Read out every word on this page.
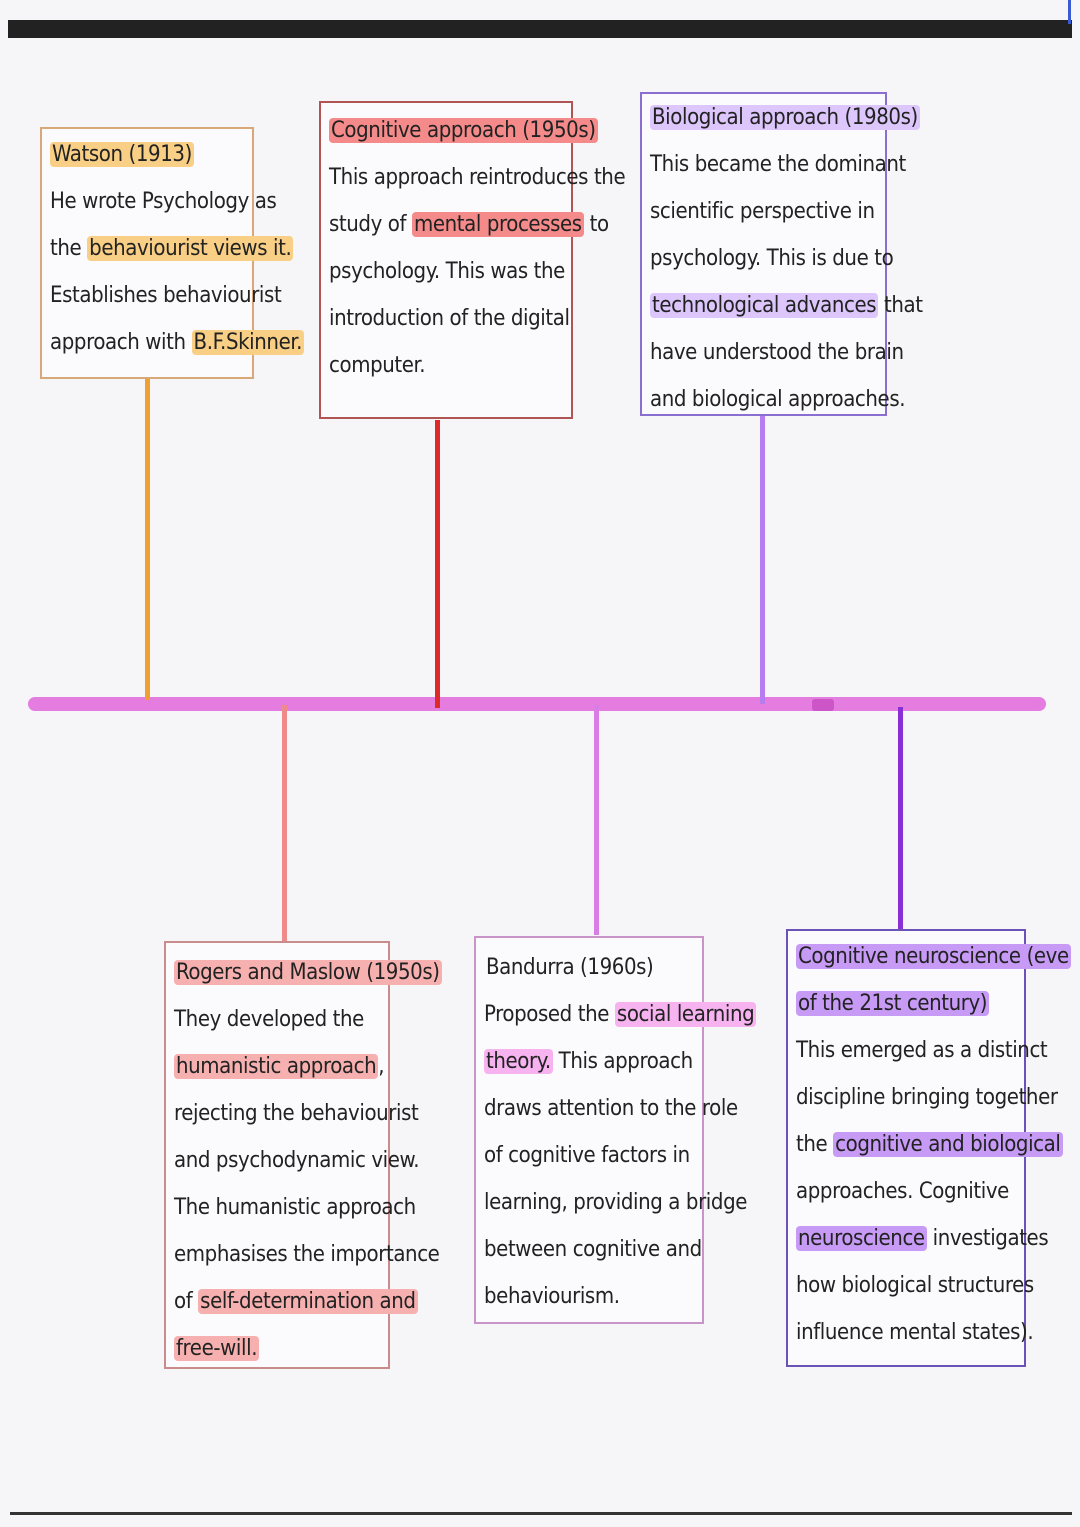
Watson (1913)
He wrote Psychology as
the behaviourist views it.
Establishes behaviourist
approach with B.F.Skinner.
Cognitive approach (1950s)
This approach reintroduces the
study of mental processes to
psychology. This was the
introduction of the digital
computer.
Biological approach (1980s)
This became the dominant
scientific perspective in
psychology. This is due to
technological advances that
have understood the brain
and biological approaches.
Rogers and Maslow (1950s)
They developed the
humanistic approach,
rejecting the behaviourist
and psychodynamic view.
The humanistic approach
emphasises the importance
of self-determination and
free-will.
Bandurra (1960s)
Proposed the social learning
theory. This approach
draws attention to the role
of cognitive factors in
learning, providing a bridge
between cognitive and
behaviourism.
Cognitive neuroscience (eve
of the 21st century)
This emerged as a distinct
discipline bringing together
the cognitive and biological
approaches. Cognitive
neuroscience investigates
how biological structures
influence mental states).
